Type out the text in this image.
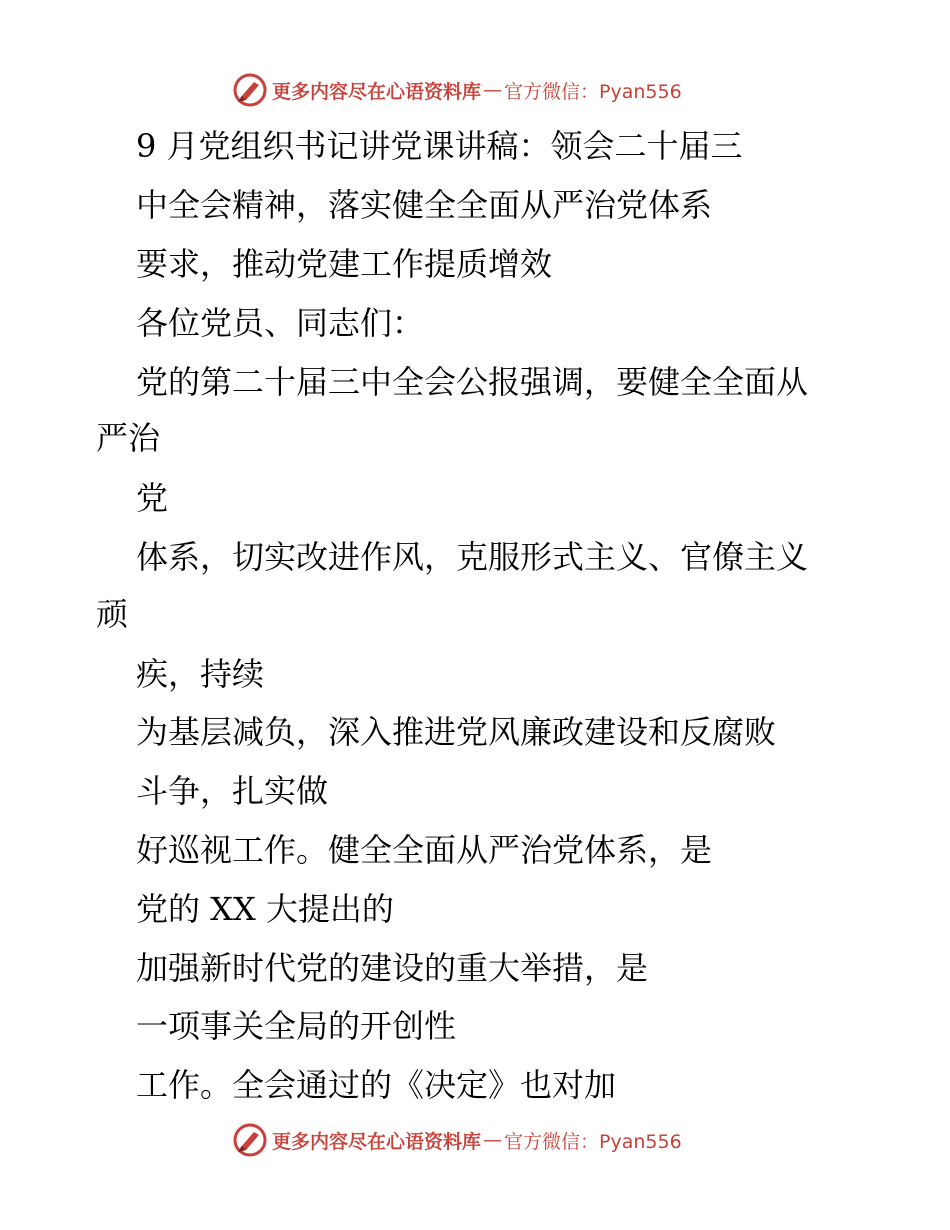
更多内容尽在心语资料库 — 官方微信：Pyan556
9 月党组织书记讲党课讲稿：领会二十届三
中全会精神，落实健全全面从严治党体系
要求，推动党建工作提质增效
各位党员、同志们：
党的第二十届三中全会公报强调，要健全全面从
严治
党
体系，切实改进作风，克服形式主义、官僚主义
顽
疾，持续
为基层减负，深入推进党风廉政建设和反腐败
斗争，扎实做
好巡视工作。健全全面从严治党体系，是
党的 XX 大提出的
加强新时代党的建设的重大举措，是
一项事关全局的开创性
工作。全会通过的《决定》也对加
更多内容尽在心语资料库 — 官方微信：Pyan556
